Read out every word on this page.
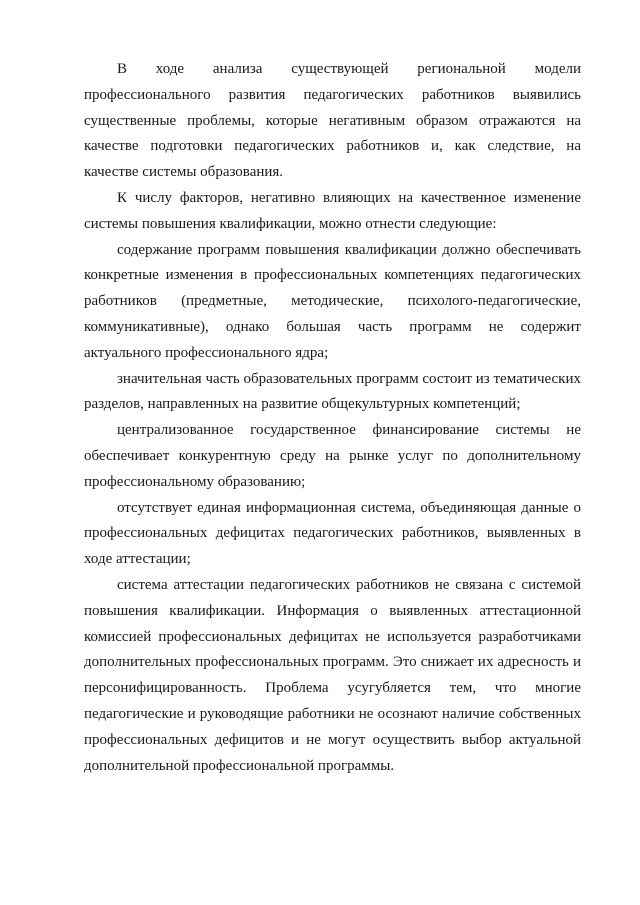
В ходе анализа существующей региональной модели профессионального развития педагогических работников выявились существенные проблемы, которые негативным образом отражаются на качестве подготовки педагогических работников и, как следствие, на качестве системы образования.

К числу факторов, негативно влияющих на качественное изменение системы повышения квалификации, можно отнести следующие:

содержание программ повышения квалификации должно обеспечивать конкретные изменения в профессиональных компетенциях педагогических работников (предметные, методические, психолого-педагогические, коммуникативные), однако большая часть программ не содержит актуального профессионального ядра;

значительная часть образовательных программ состоит из тематических разделов, направленных на развитие общекультурных компетенций;

централизованное государственное финансирование системы не обеспечивает конкурентную среду на рынке услуг по дополнительному профессиональному образованию;

отсутствует единая информационная система, объединяющая данные о профессиональных дефицитах педагогических работников, выявленных в ходе аттестации;

система аттестации педагогических работников не связана с системой повышения квалификации. Информация о выявленных аттестационной комиссией профессиональных дефицитах не используется разработчиками дополнительных профессиональных программ. Это снижает их адресность и персонифицированность. Проблема усугубляется тем, что многие педагогические и руководящие работники не осознают наличие собственных профессиональных дефицитов и не могут осуществить выбор актуальной дополнительной профессиональной программы.
